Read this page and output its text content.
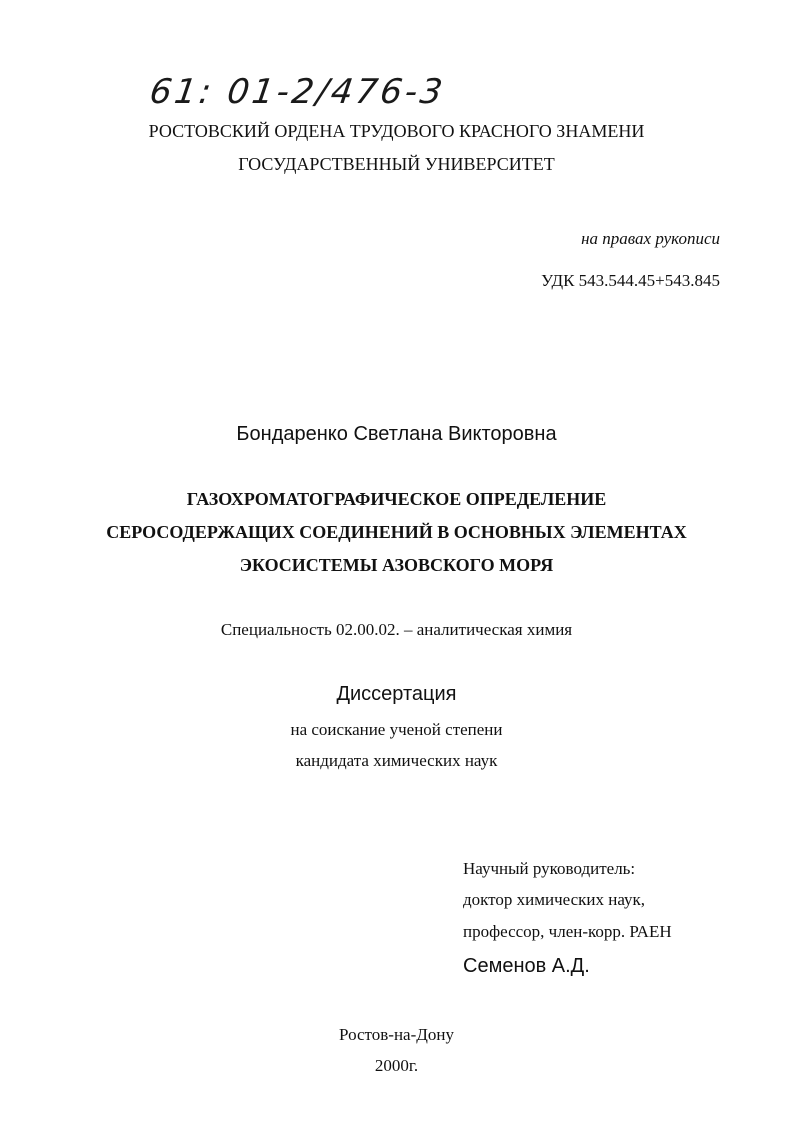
61: 01-2/476-3
РОСТОВСКИЙ ОРДЕНА ТРУДОВОГО КРАСНОГО ЗНАМЕНИ
ГОСУДАРСТВЕННЫЙ УНИВЕРСИТЕТ
на правах рукописи
УДК 543.544.45+543.845
Бондаренко Светлана Викторовна
ГАЗОХРОМАТОГРАФИЧЕСКОЕ ОПРЕДЕЛЕНИЕ
СЕРОСОДЕРЖАЩИХ СОЕДИНЕНИЙ В ОСНОВНЫХ ЭЛЕМЕНТАХ
ЭКОСИСТЕМЫ АЗОВСКОГО МОРЯ
Специальность 02.00.02. – аналитическая химия
Диссертация
на соискание ученой степени
кандидата химических наук
Научный руководитель:
доктор химических наук,
профессор, член-корр. РАЕН
Семенов А.Д.
Ростов-на-Дону
2000г.
